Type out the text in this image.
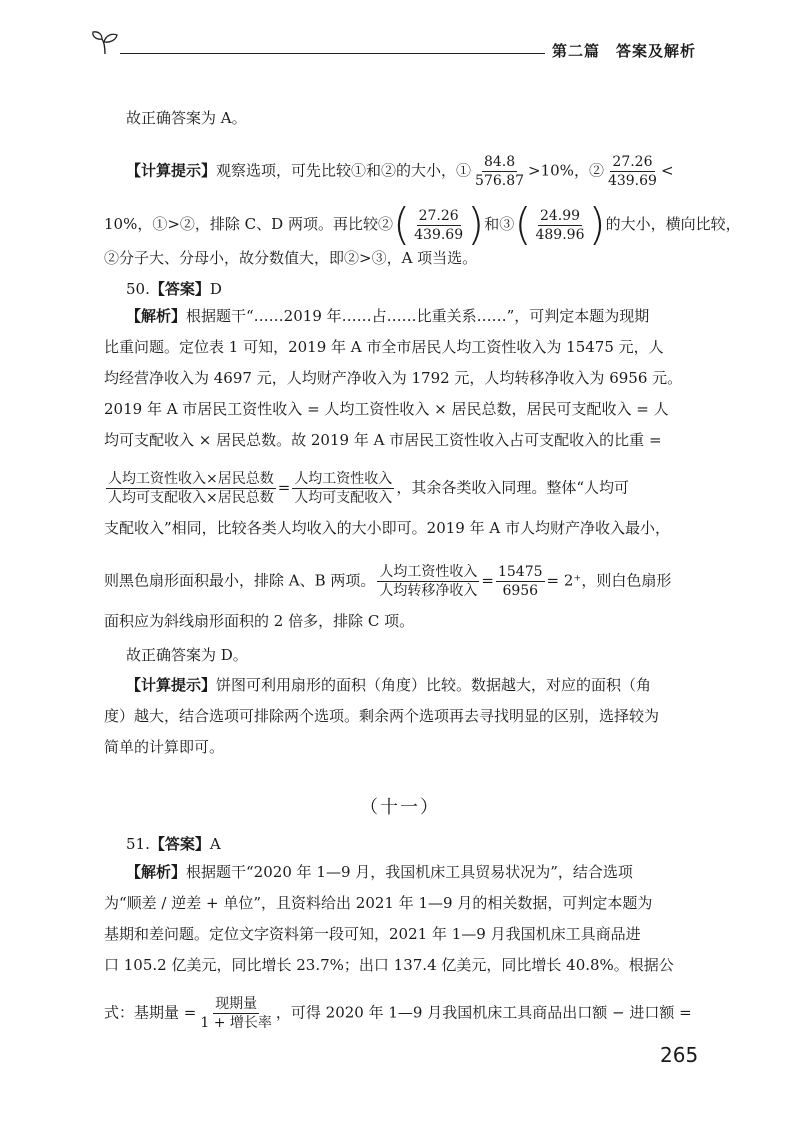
第二篇　答案及解析
故正确答案为 A。
【计算提示】观察选项，可先比较①和②的大小，① $\frac{84.8}{576.87} >10\%$，② $\frac{27.26}{439.69}$ <
10%，①>②，排除 C、D 两项。再比较②( $\frac{27.26}{439.69}$ )和③( $\frac{24.99}{489.96}$ )的大小，横向比较，
②分子大、分母小，故分数值大，即②>③，A 项当选。
50.【答案】D
【解析】根据题干“……2019 年……占……比重关系……”，可判定本题为现期
比重问题。定位表 1 可知，2019 年 A 市全市居民人均工资性收入为 15475 元，人
均经营净收入为 4697 元，人均财产净收入为 1792 元，人均转移净收入为 6956 元。
2019 年 A 市居民工资性收入 = 人均工资性收入 × 居民总数，居民可支配收入 = 人
均可支配收入 × 居民总数。故 2019 年 A 市居民工资性收入占可支配收入的比重 =
$\frac{\text{人均工资性收入×居民总数}}{\text{人均可支配收入×居民总数}} = \frac{\text{人均工资性收入}}{\text{人均可支配收入}}$ ，其余各类收入同理。整体“人均可
支配收入”相同，比较各类人均收入的大小即可。2019 年 A 市人均财产净收入最小，
则黑色扇形面积最小，排除 A、B 两项。 $\frac{\text{人均工资性收入}}{\text{人均转移净收入}} = \frac{15475}{6956} = 2^+$，则白色扇形
面积应为斜线扇形面积的 2 倍多，排除 C 项。
故正确答案为 D。
【计算提示】饼图可利用扇形的面积（角度）比较。数据越大，对应的面积（角
度）越大，结合选项可排除两个选项。剩余两个选项再去寻找明显的区别，选择较为
简单的计算即可。
（十一）
51.【答案】A
【解析】根据题干“2020 年 1—9 月，我国机床工具贸易状况为”，结合选项
为“顺差 / 逆差 + 单位”，且资料给出 2021 年 1—9 月的相关数据，可判定本题为
基期和差问题。定位文字资料第一段可知，2021 年 1—9 月我国机床工具商品进
口 105.2 亿美元，同比增长 23.7%；出口 137.4 亿美元，同比增长 40.8%。根据公
式：基期量 = $\frac{\text{现期量}}{\text{1 + 增长率}}$ ，可得 2020 年 1—9 月我国机床工具商品出口额 − 进口额 =
265
